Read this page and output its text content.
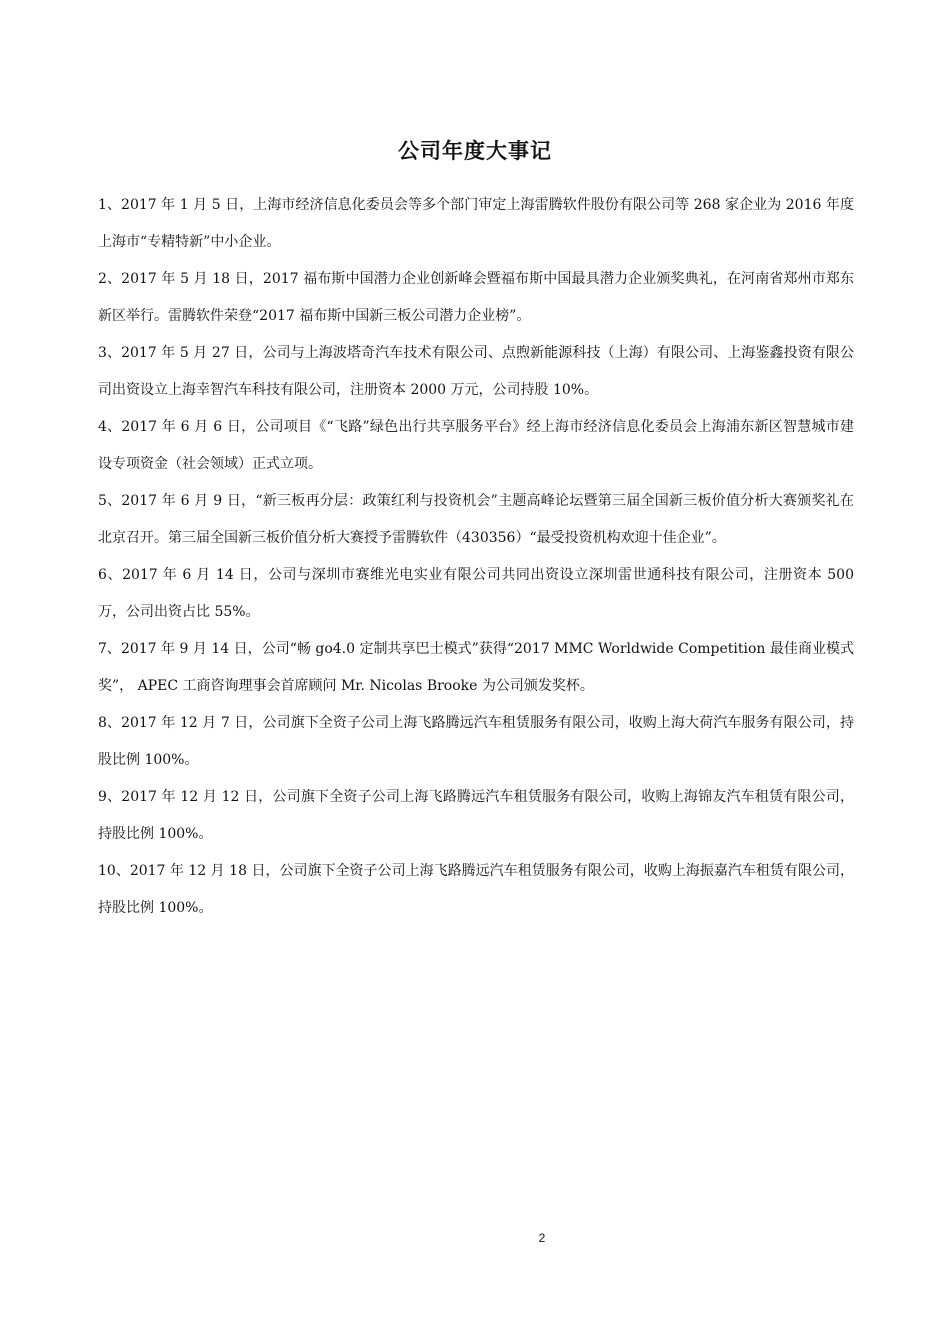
公司年度大事记
1、2017 年 1 月 5 日，上海市经济信息化委员会等多个部门审定上海雷腾软件股份有限公司等 268 家企业为 2016 年度上海市“专精特新”中小企业。
2、2017 年 5 月 18 日，2017 福布斯中国潜力企业创新峰会暨福布斯中国最具潜力企业颁奖典礼，在河南省郑州市郑东新区举行。雷腾软件荣登“2017 福布斯中国新三板公司潜力企业榜”。
3、2017 年 5 月 27 日，公司与上海波塔奇汽车技术有限公司、点煦新能源科技（上海）有限公司、上海鉴鑫投资有限公司出资设立上海幸智汽车科技有限公司，注册资本 2000 万元，公司持股 10%。
4、2017 年 6 月 6 日，公司项目《“飞路”绿色出行共享服务平台》经上海市经济信息化委员会上海浦东新区智慧城市建设专项资金（社会领域）正式立项。
5、2017 年 6 月 9 日，“新三板再分层：政策红利与投资机会”主题高峰论坛暨第三届全国新三板价值分析大赛颁奖礼在北京召开。第三届全国新三板价值分析大赛授予雷腾软件（430356）“最受投资机构欢迎十佳企业”。
6、2017 年 6 月 14 日，公司与深圳市赛维光电实业有限公司共同出资设立深圳雷世通科技有限公司，注册资本 500 万，公司出资占比 55%。
7、2017 年 9 月 14 日，公司“畅 go4.0 定制共享巴士模式”获得“2017 MMC Worldwide Competition 最佳商业模式奖”， APEC 工商咨询理事会首席顾问 Mr. Nicolas Brooke 为公司颁发奖杯。
8、2017 年 12 月 7 日，公司旗下全资子公司上海飞路腾远汽车租赁服务有限公司，收购上海大荷汽车服务有限公司，持股比例 100%。
9、2017 年 12 月 12 日，公司旗下全资子公司上海飞路腾远汽车租赁服务有限公司，收购上海锦友汽车租赁有限公司，持股比例 100%。
10、2017 年 12 月 18 日，公司旗下全资子公司上海飞路腾远汽车租赁服务有限公司，收购上海振嘉汽车租赁有限公司，持股比例 100%。
2
